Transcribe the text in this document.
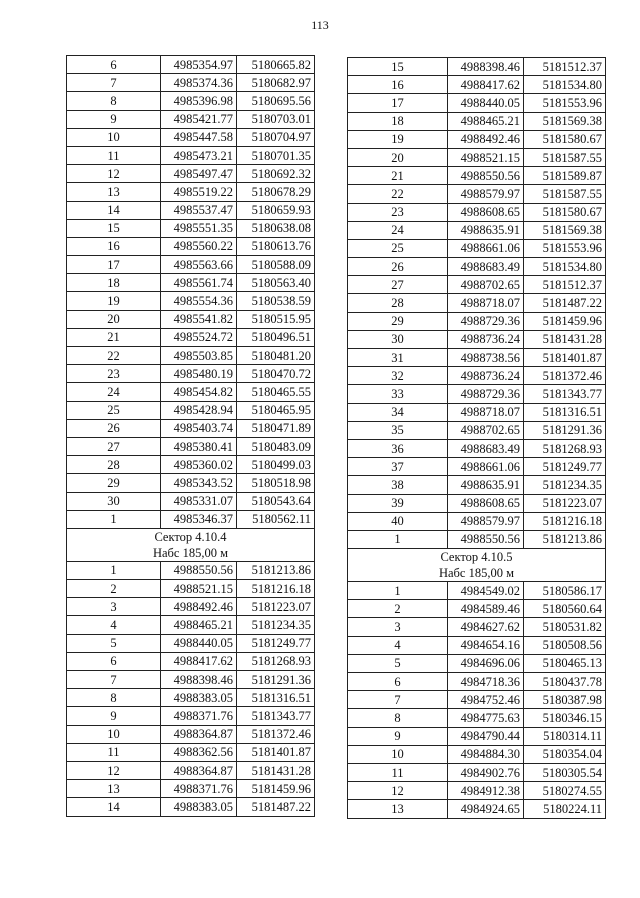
113
6	4985354.97	5180665.82
7	4985374.36	5180682.97
8	4985396.98	5180695.56
9	4985421.77	5180703.01
10	4985447.58	5180704.97
11	4985473.21	5180701.35
12	4985497.47	5180692.32
13	4985519.22	5180678.29
14	4985537.47	5180659.93
15	4985551.35	5180638.08
16	4985560.22	5180613.76
17	4985563.66	5180588.09
18	4985561.74	5180563.40
19	4985554.36	5180538.59
20	4985541.82	5180515.95
21	4985524.72	5180496.51
22	4985503.85	5180481.20
23	4985480.19	5180470.72
24	4985454.82	5180465.55
25	4985428.94	5180465.95
26	4985403.74	5180471.89
27	4985380.41	5180483.09
28	4985360.02	5180499.03
29	4985343.52	5180518.98
30	4985331.07	5180543.64
1	4985346.37	5180562.11

Сектор 4.10.4
Набс 185,00 м		

1	4988550.56	5181213.86
2	4988521.15	5181216.18
3	4988492.46	5181223.07
4	4988465.21	5181234.35
5	4988440.05	5181249.77
6	4988417.62	5181268.93
7	4988398.46	5181291.36
8	4988383.05	5181316.51
9	4988371.76	5181343.77
10	4988364.87	5181372.46
11	4988362.56	5181401.87
12	4988364.87	5181431.28
13	4988371.76	5181459.96
14	4988383.05	5181487.22
15	4988398.46	5181512.37
16	4988417.62	5181534.80
17	4988440.05	5181553.96
18	4988465.21	5181569.38
19	4988492.46	5181580.67
20	4988521.15	5181587.55
21	4988550.56	5181589.87
22	4988579.97	5181587.55
23	4988608.65	5181580.67
24	4988635.91	5181569.38
25	4988661.06	5181553.96
26	4988683.49	5181534.80
27	4988702.65	5181512.37
28	4988718.07	5181487.22
29	4988729.36	5181459.96
30	4988736.24	5181431.28
31	4988738.56	5181401.87
32	4988736.24	5181372.46
33	4988729.36	5181343.77
34	4988718.07	5181316.51
35	4988702.65	5181291.36
36	4988683.49	5181268.93
37	4988661.06	5181249.77
38	4988635.91	5181234.35
39	4988608.65	5181223.07
40	4988579.97	5181216.18
1	4988550.56	5181213.86

Сектор 4.10.5
Набс 185,00 м		

1	4984549.02	5180586.17
2	4984589.46	5180560.64
3	4984627.62	5180531.82
4	4984654.16	5180508.56
5	4984696.06	5180465.13
6	4984718.36	5180437.78
7	4984752.46	5180387.98
8	4984775.63	5180346.15
9	4984790.44	5180314.11
10	4984884.30	5180354.04
11	4984902.76	5180305.54
12	4984912.38	5180274.55
13	4984924.65	5180224.11
